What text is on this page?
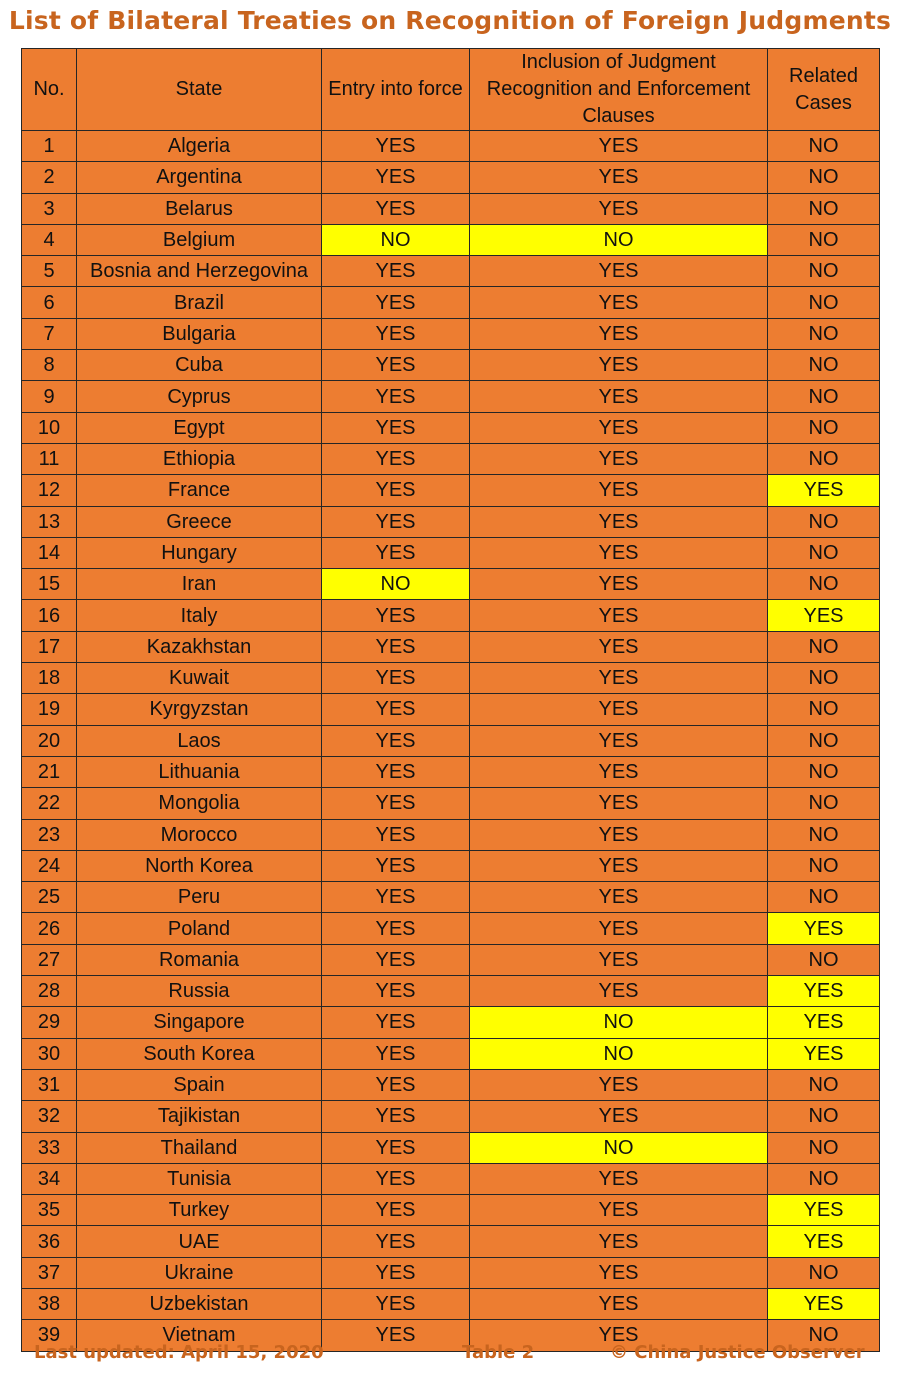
List of Bilateral Treaties on Recognition of Foreign Judgments
No.	State	Entry into force	Inclusion of Judgment Recognition and Enforcement Clauses	Related Cases
1	Algeria	YES	YES	NO
2	Argentina	YES	YES	NO
3	Belarus	YES	YES	NO
4	Belgium	NO	NO	NO
5	Bosnia and Herzegovina	YES	YES	NO
6	Brazil	YES	YES	NO
7	Bulgaria	YES	YES	NO
8	Cuba	YES	YES	NO
9	Cyprus	YES	YES	NO
10	Egypt	YES	YES	NO
11	Ethiopia	YES	YES	NO
12	France	YES	YES	YES
13	Greece	YES	YES	NO
14	Hungary	YES	YES	NO
15	Iran	NO	YES	NO
16	Italy	YES	YES	YES
17	Kazakhstan	YES	YES	NO
18	Kuwait	YES	YES	NO
19	Kyrgyzstan	YES	YES	NO
20	Laos	YES	YES	NO
21	Lithuania	YES	YES	NO
22	Mongolia	YES	YES	NO
23	Morocco	YES	YES	NO
24	North Korea	YES	YES	NO
25	Peru	YES	YES	NO
26	Poland	YES	YES	YES
27	Romania	YES	YES	NO
28	Russia	YES	YES	YES
29	Singapore	YES	NO	YES
30	South Korea	YES	NO	YES
31	Spain	YES	YES	NO
32	Tajikistan	YES	YES	NO
33	Thailand	YES	NO	NO
34	Tunisia	YES	YES	NO
35	Turkey	YES	YES	YES
36	UAE	YES	YES	YES
37	Ukraine	YES	YES	NO
38	Uzbekistan	YES	YES	YES
39	Vietnam	YES	YES	NO
Last updated: April 15, 2020	Table 2	© China Justice Observer
